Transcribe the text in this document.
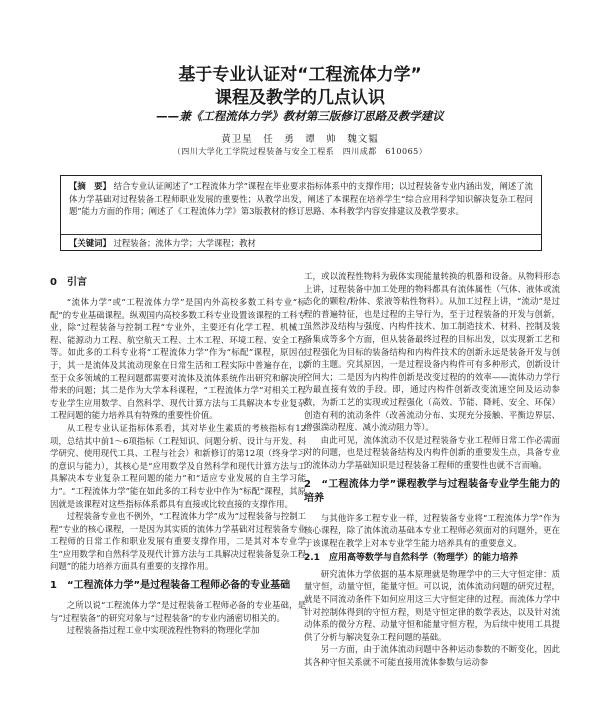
基于专业认证对“工程流体力学”
课程及教学的几点认识
——兼《工程流体力学》教材第三版修订思路及教学建议
黄卫星　任　勇　谭　帅　魏文韫
（四川大学化工学院过程装备与安全工程系　四川成都　610065）
【摘　要】 结合专业认证阐述了“工程流体力学”课程在毕业要求指标体系中的支撑作用；以过程装备专业内涵出发，阐述了流体力学基础对过程装备工程师职业发展的重要性；从教学出发，阐述了本课程在培养学生“综合应用科学知识解决复杂工程问题”能力方面的作用；阐述了《工程流体力学》第3版教材的修订思路、本科教学内容安排建议及教学要求。
【关键词】 过程装备；流体力学；大学课程；教材
0　引言

“流体力学”或“工程流体力学”是国内外高校多数工科专业“标配”的专业基础课程。纵观国内高校多数工科专业设置该课程的工科专业，除“过程装备与控制工程”专业外，主要还有化学工程、机械工程、能源动力工程、航空航天工程、土木工程、环境工程、安全工程等。如此多的工科专业将“工程流体力学”作为“标配”课程，原因在于，其一是流体及其流动现象在日常生活和工程实际中普遍存在，以至于众多领域的工程问题都需要对流体及流体系统作出研究和解决所带来的问题；其二是作为大学本科课程，“工程流体力学”对相关工程专业学生应用数学、自然科学、现代计算方法与工具解决本专业复杂工程问题的能力培养具有特殊的重要性价值。

从工程专业认证指标体系看，其对毕业生素质的考核指标有12项，总结其中前1～6项指标（工程知识、问题分析、设计与开发、科学研究、使用现代工具、工程与社会）和新修订的第12项（终身学习的意识与能力），其核心是“应用数学及自然科学和现代计算方法与工具解决本专业复杂工程问题的能力”和“适应专业发展的自主学习能力”。“工程流体力学”能在如此多的工科专业中作为“标配”课程，其原因就是该课程对这些指标体系都具有直接或比较直接的支撑作用。

过程装备专业也不例外，“工程流体力学”成为“过程装备与控制工程”专业的核心课程，一是因为其实质的流体力学基础对过程装备专业工程师的日常工作和职业发展有重要支撑作用，二是其对本专业学生“应用数学和自然科学及现代计算方法与工具解决过程装备复杂工程问题”的能力培养方面具有重要的支撑作用。

1　“工程流体力学”是过程装备工程师必备的专业基础

之所以说“工程流体力学”是过程装备工程师必备的专业基础，是与“过程装备”的研究对象与“过程装备”的专业内涵密切相关的。

过程装备指过程工业中实现流程性物料的物理化学加

工，或以流程性物料为载体实现能量转换的机器和设备。从物料形态上讲，过程装备中加工处理的物料都具有流体属性（气体、液体或流态化的颗粒/粉体、浆液等粘性物料）。从加工过程上讲，“流动”是过程的普遍特征，也是过程的主导行为，至于过程装备的开发与创新，虽然涉及结构与强度、内构件技术、加工制造技术、材料、控制及装备集成等多个方面，但从装备最终过程的目标出发，以实现新工艺和过程强化为目标的装备结构和内构件技术的创新永远是装备开发与创新的主题。究其原因，一是过程设备内构件可有多种形式，创新设计空间大；二是因为内构件创新是改变过程的的效率——流体动力学行为最直接有效的手段。即，通过内构件创新改变流速空间及运动参数，为新工艺的实现或过程强化（高效、节能、降耗、安全、环保）创造有利的流动条件（改善流动分布、实现充分接触、平衡边界层、增强湍动程度、减小流动阻力等）。

由此可见，流体流动不仅是过程装备专业工程师日常工作必需面对的问题，也是过程装备结构及内构件创新的重要发生点，具备专业的流体动力学基础知识是过程装备工程师的重要性也就不言而喻。

2　“工程流体力学”课程教学与过程装备专业学生能力的培养

与其他许多工程专业一样，过程装备专业将“工程流体力学”作为核心课程，除了流体流动基础本专业工程师必须面对的问题外，更在于该课程在教学上对本专业学生能力培养具有的重要意义。

2.1　应用高等数学与自然科学（物理学）的能力培养

研究流体力学依据的基本原理就是物理学中的三大守恒定律：质量守恒，动量守恒，能量守恒。可以说，流体流动问题的研究过程，就是不同流动条件下如何应用这三大守恒定律的过程。而流体力学中针对控制体得到的守恒方程，则是守恒定律的数学表达，以及针对流动体系的微分方程、动量守恒和能量守恒方程，为后续中使用工具提供了分析与解决复杂工程问题的基础。

另一方面，由于流体流动问题中各种运动参数的不断变化，因此其各种守恒关系就不可能直接用流体参数与运动参
